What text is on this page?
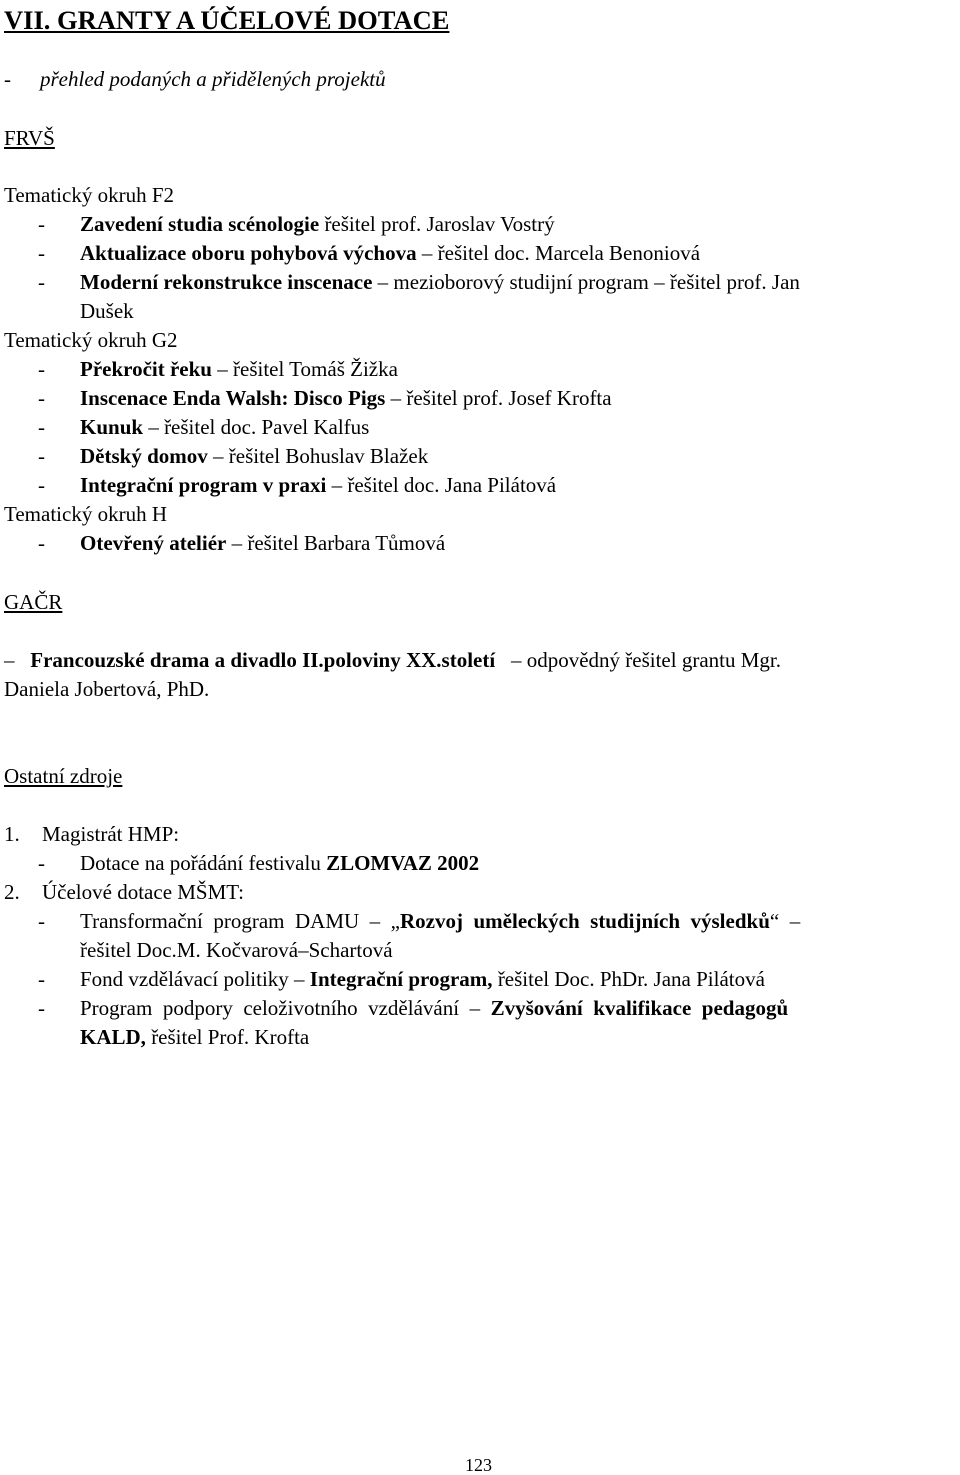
VII. GRANTY A ÚČELOVÉ DOTACE
- přehled podaných a přidělených projektů
FRVŠ
Tematický okruh F2
- Zavedení studia scénologie řešitel prof. Jaroslav Vostrý
- Aktualizace oboru pohybová výchova – řešitel doc. Marcela Benoniová
- Moderní rekonstrukce inscenace – mezioborový studijní program – řešitel prof. Jan
Dušek
Tematický okruh G2
- Překročit řeku – řešitel Tomáš Žižka
- Inscenace Enda Walsh: Disco Pigs – řešitel prof. Josef Krofta
- Kunuk – řešitel doc. Pavel Kalfus
- Dětský domov – řešitel Bohuslav Blažek
- Integrační program v praxi – řešitel doc. Jana Pilátová
Tematický okruh H
- Otevřený ateliér – řešitel Barbara Tůmová
GAČR
– Francouzské drama a divadlo II.poloviny XX.století – odpovědný řešitel grantu Mgr.
Daniela Jobertová, PhD.
Ostatní zdroje
1. Magistrát HMP:
- Dotace na pořádání festivalu ZLOMVAZ 2002
2. Účelové dotace MŠMT:
- Transformační  program  DAMU  –  „Rozvoj  uměleckých  studijních  výsledků“  –
řešitel Doc.M. Kočvarová–Schartová
- Fond vzdělávací politiky – Integrační program, řešitel Doc. PhDr. Jana Pilátová
- Program  podpory  celoživotního  vzdělávání  –  Zvyšování  kvalifikace  pedagogů
KALD, řešitel Prof. Krofta
123
